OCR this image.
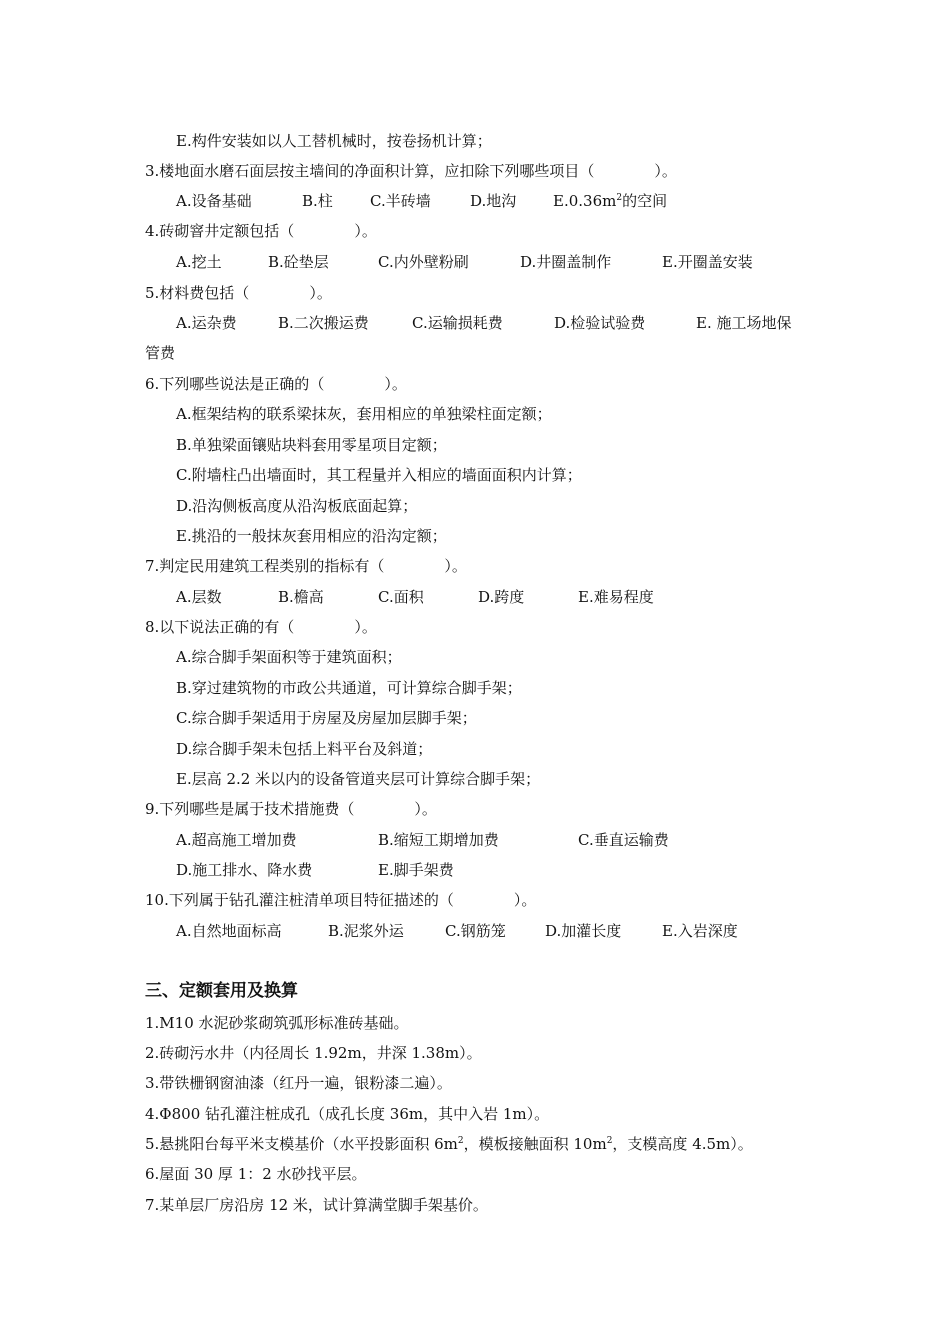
E.构件安装如以人工替机械时，按卷扬机计算；
3.楼地面水磨石面层按主墙间的净面积计算，应扣除下列哪些项目（　　　　）。
A.设备基础	B.柱 C.半砖墙	D.地沟 $E.0.36m^2$的空间
4.砖砌窨井定额包括（　　　　）。
A.挖土	B.砼垫层	C.内外壁粉刷	D.井圈盖制作	E.开圈盖安装
5.材料费包括（　　　　）。
A.运杂费	B.二次搬运费	C.运输损耗费	D.检验试验费	E. 施工场地保
管费
6.下列哪些说法是正确的（　　　　）。
A.框架结构的联系梁抹灰，套用相应的单独梁柱面定额；
B.单独梁面镶贴块料套用零星项目定额；
C.附墙柱凸出墙面时，其工程量并入相应的墙面面积内计算；
D.沿沟侧板高度从沿沟板底面起算；
E.挑沿的一般抹灰套用相应的沿沟定额；
7.判定民用建筑工程类别的指标有（　　　　）。
A.层数	B.檐高	C.面积	D.跨度	E.难易程度
8.以下说法正确的有（　　　　）。
A.综合脚手架面积等于建筑面积；
B.穿过建筑物的市政公共通道，可计算综合脚手架；
C.综合脚手架适用于房屋及房屋加层脚手架；
D.综合脚手架未包括上料平台及斜道；
E.层高 2.2 米以内的设备管道夹层可计算综合脚手架；
9.下列哪些是属于技术措施费（　　　　）。
A.超高施工增加费	B.缩短工期增加费	C.垂直运输费
D.施工排水、降水费	E.脚手架费
10.下列属于钻孔灌注桩清单项目特征描述的（　　　　）。
A.自然地面标高	B.泥浆外运	C.钢筋笼	D.加灌长度	E.入岩深度
三、定额套用及换算
1.M10 水泥砂浆砌筑弧形标准砖基础。
2.砖砌污水井（内径周长 1.92m，井深 1.38m）。
3.带铁栅钢窗油漆（红丹一遍，银粉漆二遍）。
4.Φ800 钻孔灌注桩成孔（成孔长度 36m，其中入岩 1m）。
5.悬挑阳台每平米支模基价（水平投影面积 $6m^2$，模板接触面积 $10m^2$，支模高度 4.5m）。
6.屋面 30 厚 1：2 水砂找平层。
7.某单层厂房沿房 12 米，试计算满堂脚手架基价。
